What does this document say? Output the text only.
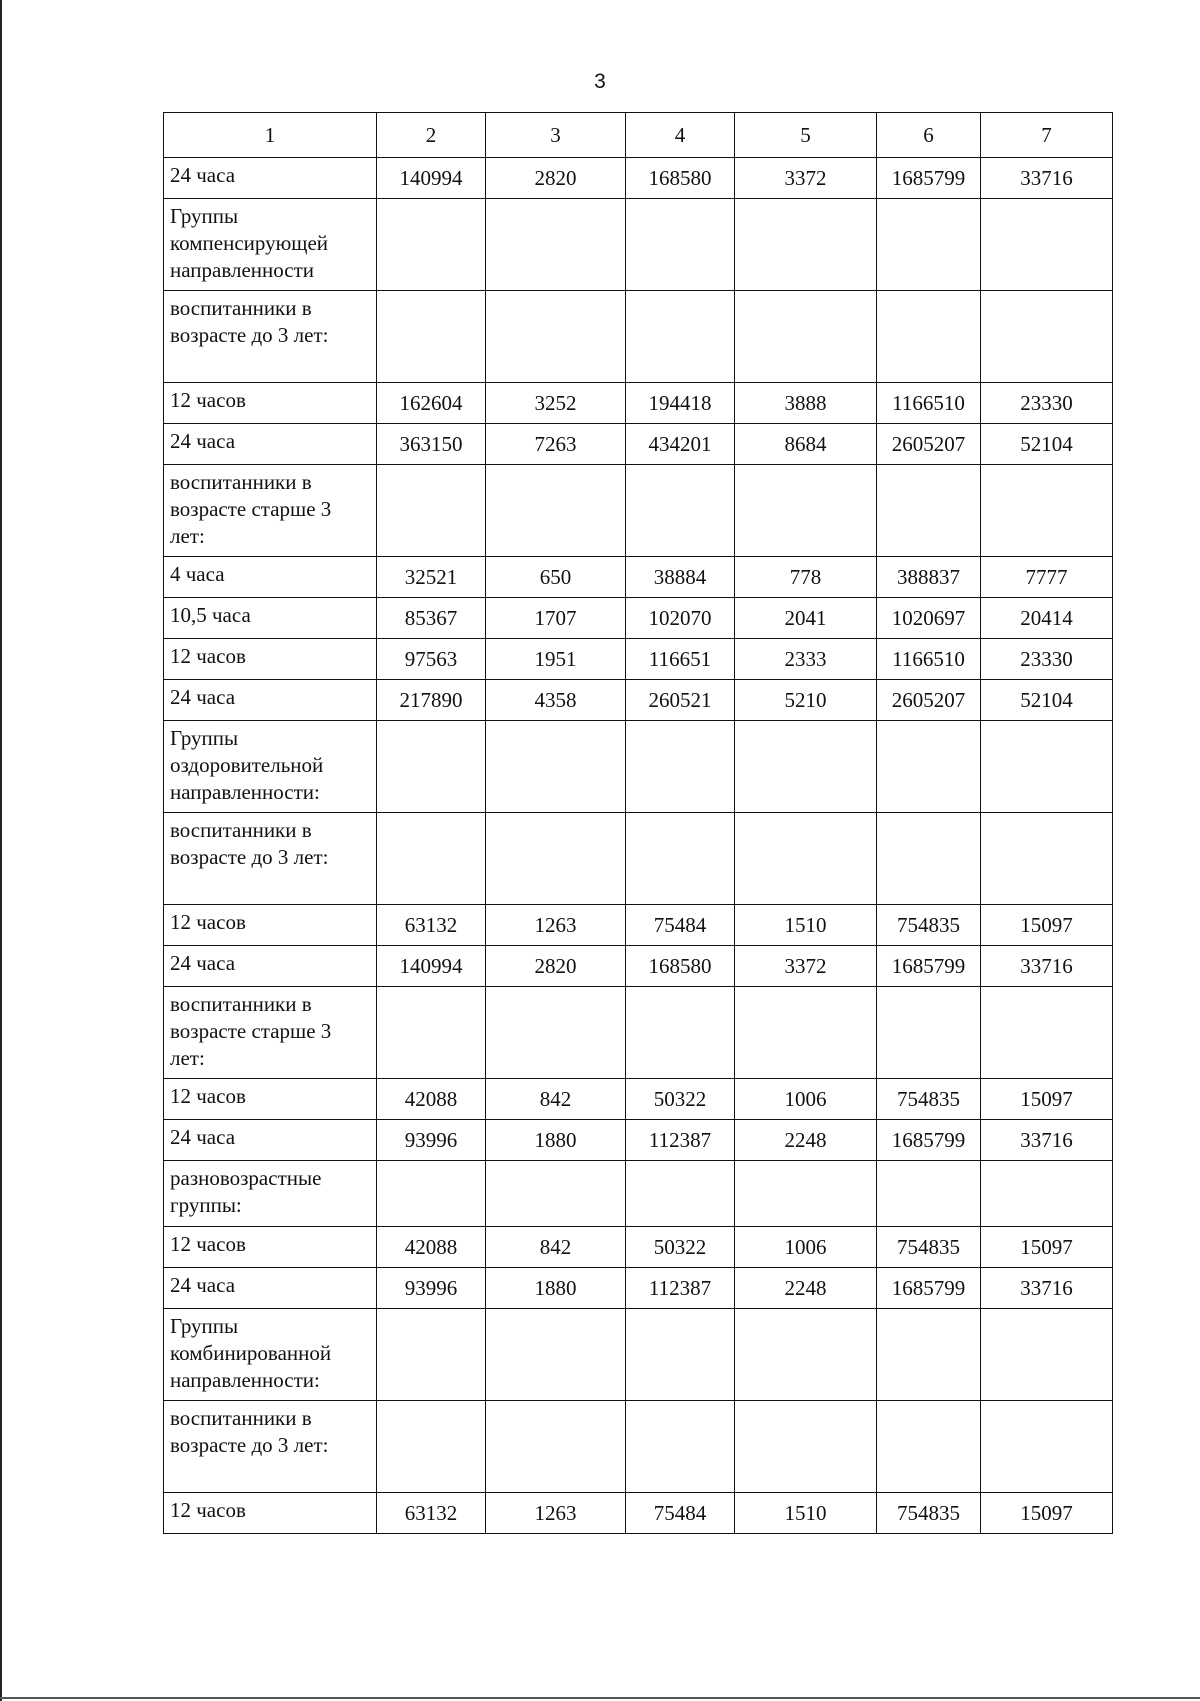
3
1	2	3	4	5	6	7
24 часа	140994	2820	168580	3372	1685799	33716
Группы компенсирующей направленности						
воспитанники в возрасте до 3 лет:						
12 часов	162604	3252	194418	3888	1166510	23330
24 часа	363150	7263	434201	8684	2605207	52104
воспитанники в возрасте старше 3 лет:						
4 часа	32521	650	38884	778	388837	7777
10,5 часа	85367	1707	102070	2041	1020697	20414
12 часов	97563	1951	116651	2333	1166510	23330
24 часа	217890	4358	260521	5210	2605207	52104
Группы оздоровительной направленности:						
воспитанники в возрасте до 3 лет:						
12 часов	63132	1263	75484	1510	754835	15097
24 часа	140994	2820	168580	3372	1685799	33716
воспитанники в возрасте старше 3 лет:						
12 часов	42088	842	50322	1006	754835	15097
24 часа	93996	1880	112387	2248	1685799	33716
разновозрастные группы:						
12 часов	42088	842	50322	1006	754835	15097
24 часа	93996	1880	112387	2248	1685799	33716
Группы комбинированной направленности:						
воспитанники в возрасте до 3 лет:						
12 часов	63132	1263	75484	1510	754835	15097
